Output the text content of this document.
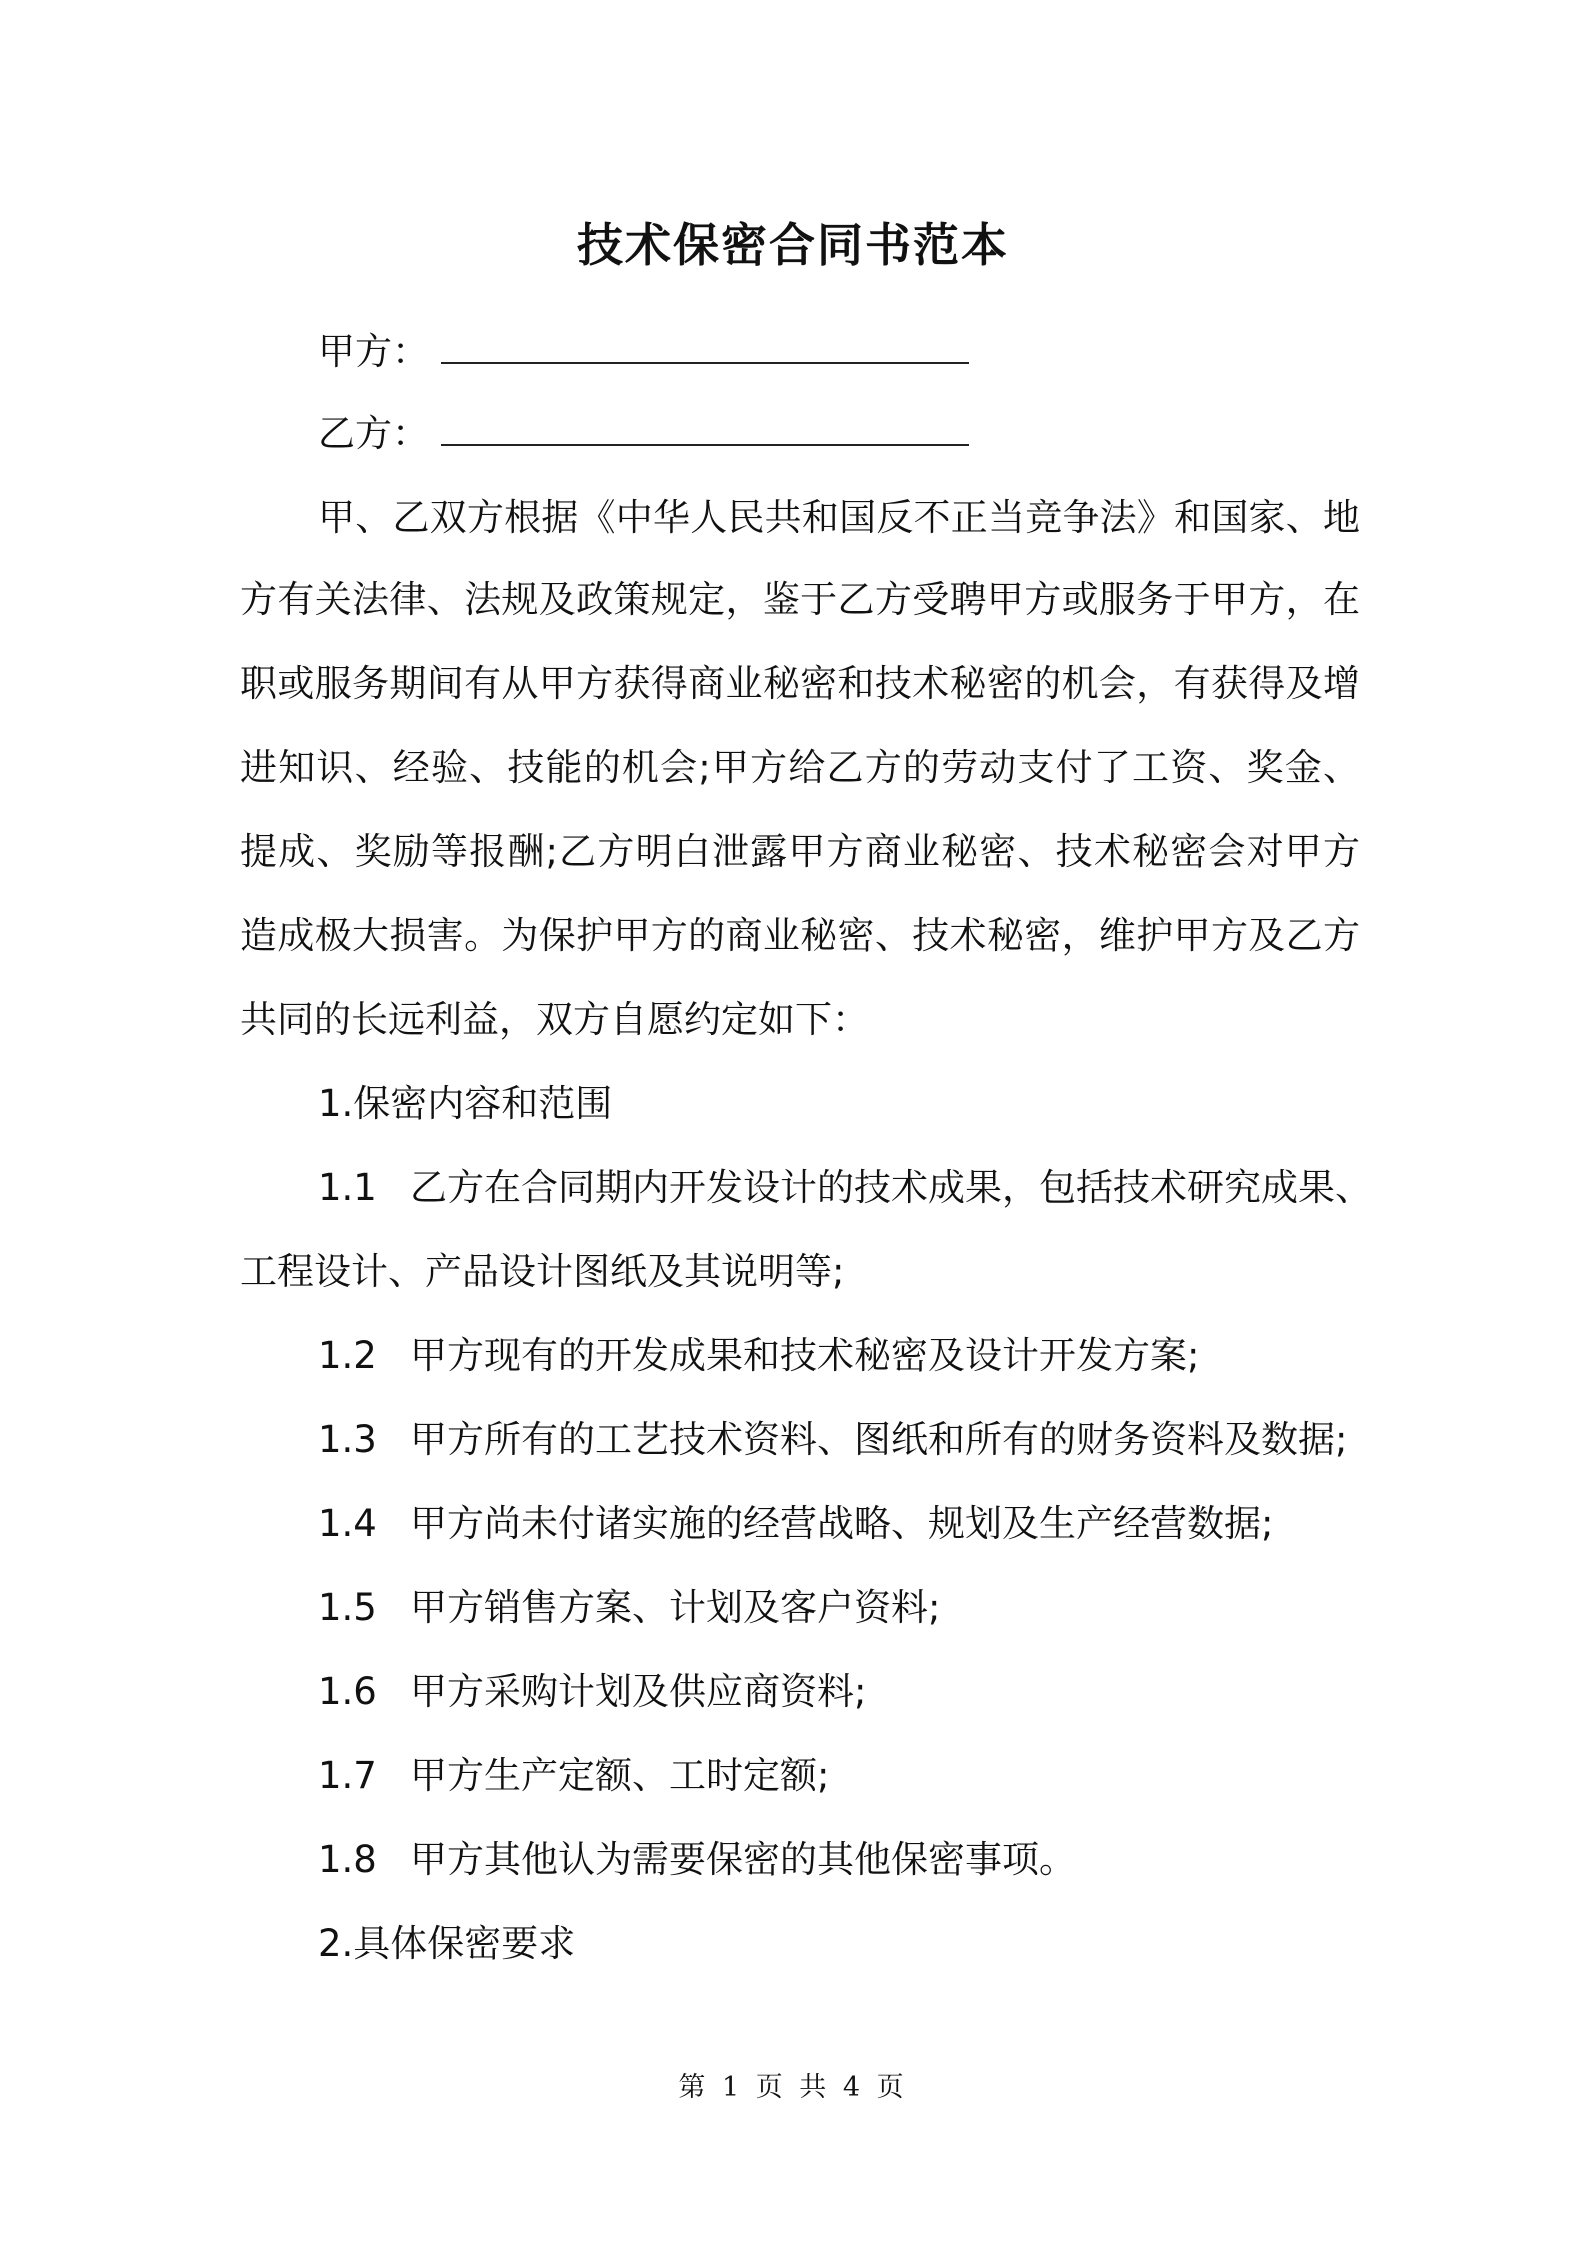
技术保密合同书范本
甲方：
乙方：
甲、乙双方根据《中华人民共和国反不正当竞争法》和国家、地
方有关法律、法规及政策规定，鉴于乙方受聘甲方或服务于甲方，在
职或服务期间有从甲方获得商业秘密和技术秘密的机会，有获得及增
进知识、经验、技能的机会;甲方给乙方的劳动支付了工资、奖金、
提成、奖励等报酬;乙方明白泄露甲方商业秘密、技术秘密会对甲方
造成极大损害。为保护甲方的商业秘密、技术秘密，维护甲方及乙方
共同的长远利益，双方自愿约定如下：
1.保密内容和范围
1.1 乙方在合同期内开发设计的技术成果，包括技术研究成果、
工程设计、产品设计图纸及其说明等;
1.2 甲方现有的开发成果和技术秘密及设计开发方案;
1.3 甲方所有的工艺技术资料、图纸和所有的财务资料及数据;
1.4 甲方尚未付诸实施的经营战略、规划及生产经营数据;
1.5 甲方销售方案、计划及客户资料;
1.6 甲方采购计划及供应商资料;
1.7 甲方生产定额、工时定额;
1.8 甲方其他认为需要保密的其他保密事项。
2.具体保密要求
第 1 页 共 4 页
